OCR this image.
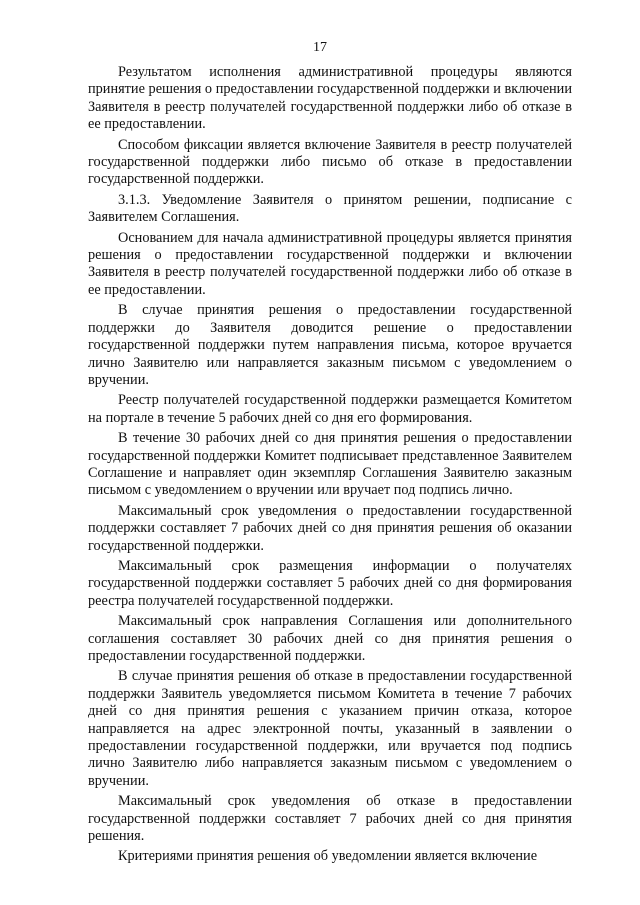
17

Результатом исполнения административной процедуры являются принятие решения о предоставлении государственной поддержки и включении Заявителя в реестр получателей государственной поддержки либо об отказе в ее предоставлении.

Способом фиксации является включение Заявителя в реестр получателей государственной поддержки либо письмо об отказе в предоставлении государственной поддержки.

3.1.3. Уведомление Заявителя о принятом решении, подписание с Заявителем Соглашения.

Основанием для начала административной процедуры является принятия решения о предоставлении государственной поддержки и включении Заявителя в реестр получателей государственной поддержки либо об отказе в ее предоставлении.

В случае принятия решения о предоставлении государственной поддержки до Заявителя доводится решение о предоставлении государственной поддержки путем направления письма, которое вручается лично Заявителю или направляется заказным письмом с уведомлением о вручении.

Реестр получателей государственной поддержки размещается Комитетом на портале в течение 5 рабочих дней со дня его формирования.

В течение 30 рабочих дней со дня принятия решения о предоставлении государственной поддержки Комитет подписывает представленное Заявителем Соглашение и направляет один экземпляр Соглашения Заявителю заказным письмом с уведомлением о вручении или вручает под подпись лично.

Максимальный срок уведомления о предоставлении государственной поддержки составляет 7 рабочих дней со дня принятия решения об оказании государственной поддержки.

Максимальный срок размещения информации о получателях государственной поддержки составляет 5 рабочих дней со дня формирования реестра получателей государственной поддержки.

Максимальный срок направления Соглашения или дополнительного соглашения составляет 30 рабочих дней со дня принятия решения о предоставлении государственной поддержки.

В случае принятия решения об отказе в предоставлении государственной поддержки Заявитель уведомляется письмом Комитета в течение 7 рабочих дней со дня принятия решения с указанием причин отказа, которое направляется на адрес электронной почты, указанный в заявлении о предоставлении государственной поддержки, или вручается под подпись лично Заявителю либо направляется заказным письмом с уведомлением о вручении.

Максимальный срок уведомления об отказе в предоставлении государственной поддержки составляет 7 рабочих дней со дня принятия решения.

Критериями принятия решения об уведомлении является включение
